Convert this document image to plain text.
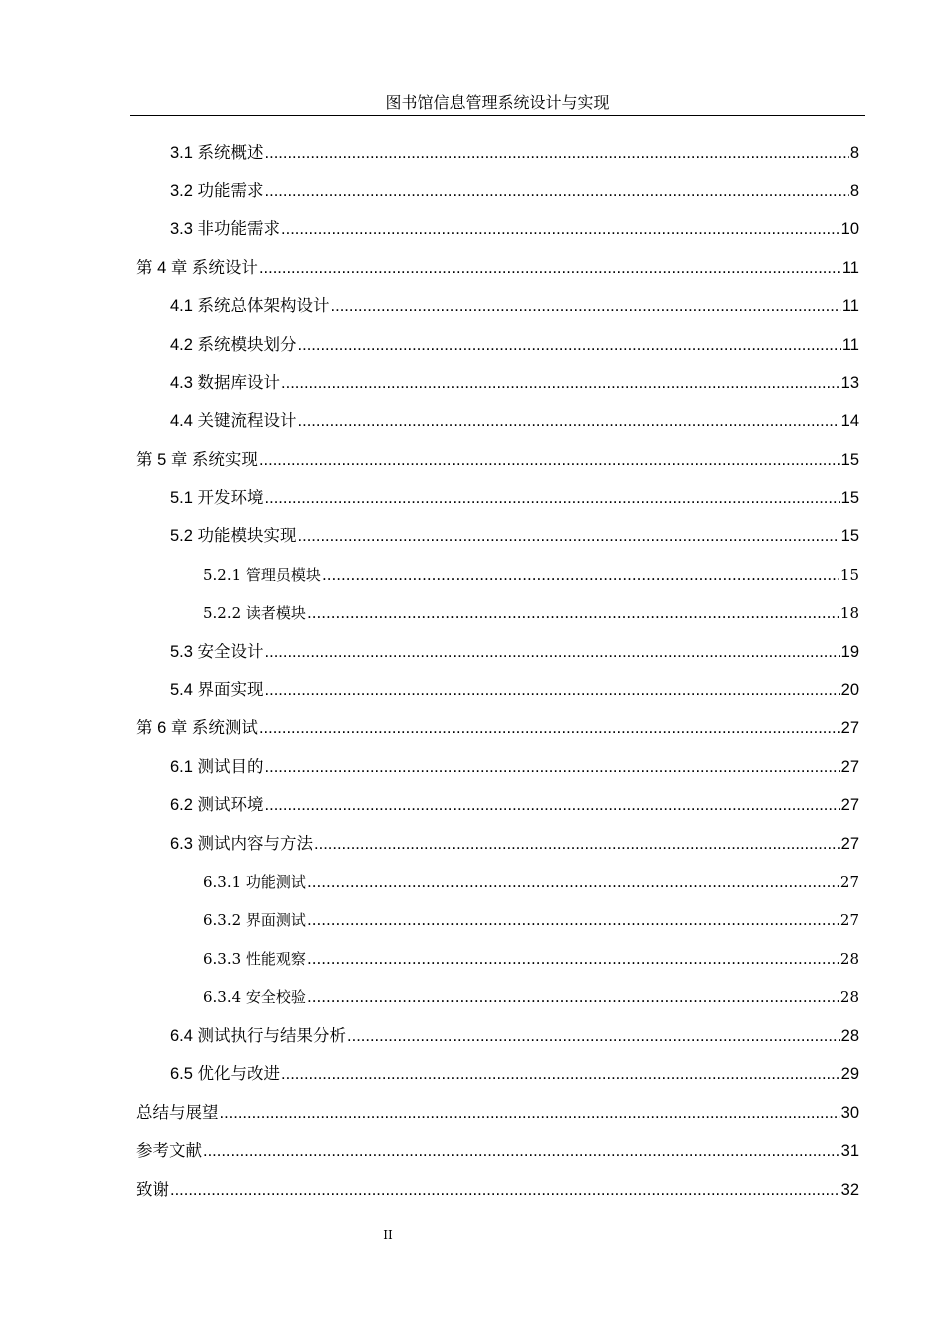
图书馆信息管理系统设计与实现
3.1 系统概述 .....	8
3.2 功能需求 .....	8
3.3 非功能需求 .....	10
第 4 章 系统设计 .....	11
4.1 系统总体架构设计 .....	11
4.2 系统模块划分 .....	11
4.3 数据库设计 .....	13
4.4 关键流程设计 .....	14
第 5 章 系统实现 .....	15
5.1 开发环境 .....	15
5.2 功能模块实现 .....	15
5.2.1 管理员模块 .....	15
5.2.2 读者模块 .....	18
5.3 安全设计 .....	19
5.4 界面实现 .....	20
第 6 章 系统测试 .....	27
6.1 测试目的 .....	27
6.2 测试环境 .....	27
6.3 测试内容与方法 .....	27
6.3.1 功能测试 .....	27
6.3.2 界面测试 .....	27
6.3.3 性能观察 .....	28
6.3.4 安全校验 .....	28
6.4 测试执行与结果分析 .....	28
6.5 优化与改进 .....	29
总结与展望 .....	30
参考文献 .....	31
致谢 .....	32
II
